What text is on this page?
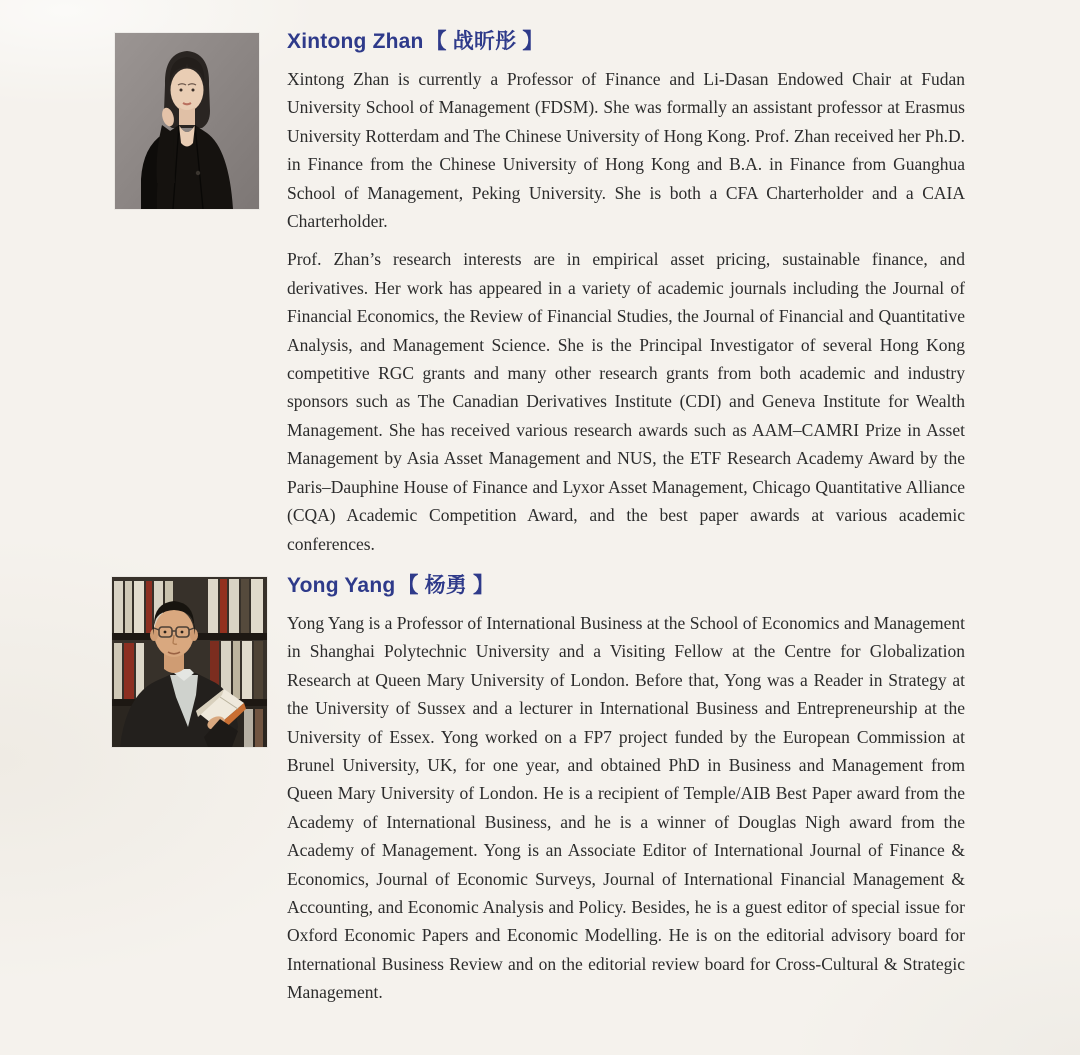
Xintong Zhan【 战昕彤 】

Xintong Zhan is currently a Professor of Finance and Li-Dasan Endowed Chair at Fudan University School of Management (FDSM). She was formally an assistant professor at Erasmus University Rotterdam and The Chinese University of Hong Kong. Prof. Zhan received her Ph.D. in Finance from the Chinese University of Hong Kong and B.A. in Finance from Guanghua School of Management, Peking University. She is both a CFA Charterholder and a CAIA Charterholder.

Prof. Zhan’s research interests are in empirical asset pricing, sustainable finance, and derivatives. Her work has appeared in a variety of academic journals including the Journal of Financial Economics, the Review of Financial Studies, the Journal of Financial and Quantitative Analysis, and Management Science. She is the Principal Investigator of several Hong Kong competitive RGC grants and many other research grants from both academic and industry sponsors such as The Canadian Derivatives Institute (CDI) and Geneva Institute for Wealth Management. She has received various research awards such as AAM–CAMRI Prize in Asset Management by Asia Asset Management and NUS, the ETF Research Academy Award by the Paris–Dauphine House of Finance and Lyxor Asset Management, Chicago Quantitative Alliance (CQA) Academic Competition Award, and the best paper awards at various academic conferences.

Yong Yang【 杨勇 】

Yong Yang is a Professor of International Business at the School of Economics and Management in Shanghai Polytechnic University and a Visiting Fellow at the Centre for Globalization Research at Queen Mary University of London. Before that, Yong was a Reader in Strategy at the University of Sussex and a lecturer in International Business and Entrepreneurship at the University of Essex. Yong worked on a FP7 project funded by the European Commission at Brunel University, UK, for one year, and obtained PhD in Business and Management from Queen Mary University of London. He is a recipient of Temple/AIB Best Paper award from the Academy of International Business, and he is a winner of Douglas Nigh award from the Academy of Management. Yong is an Associate Editor of International Journal of Finance & Economics, Journal of Economic Surveys, Journal of International Financial Management & Accounting, and Economic Analysis and Policy. Besides, he is a guest editor of special issue for Oxford Economic Papers and Economic Modelling. He is on the editorial advisory board for International Business Review and on the editorial review board for Cross-Cultural & Strategic Management.
